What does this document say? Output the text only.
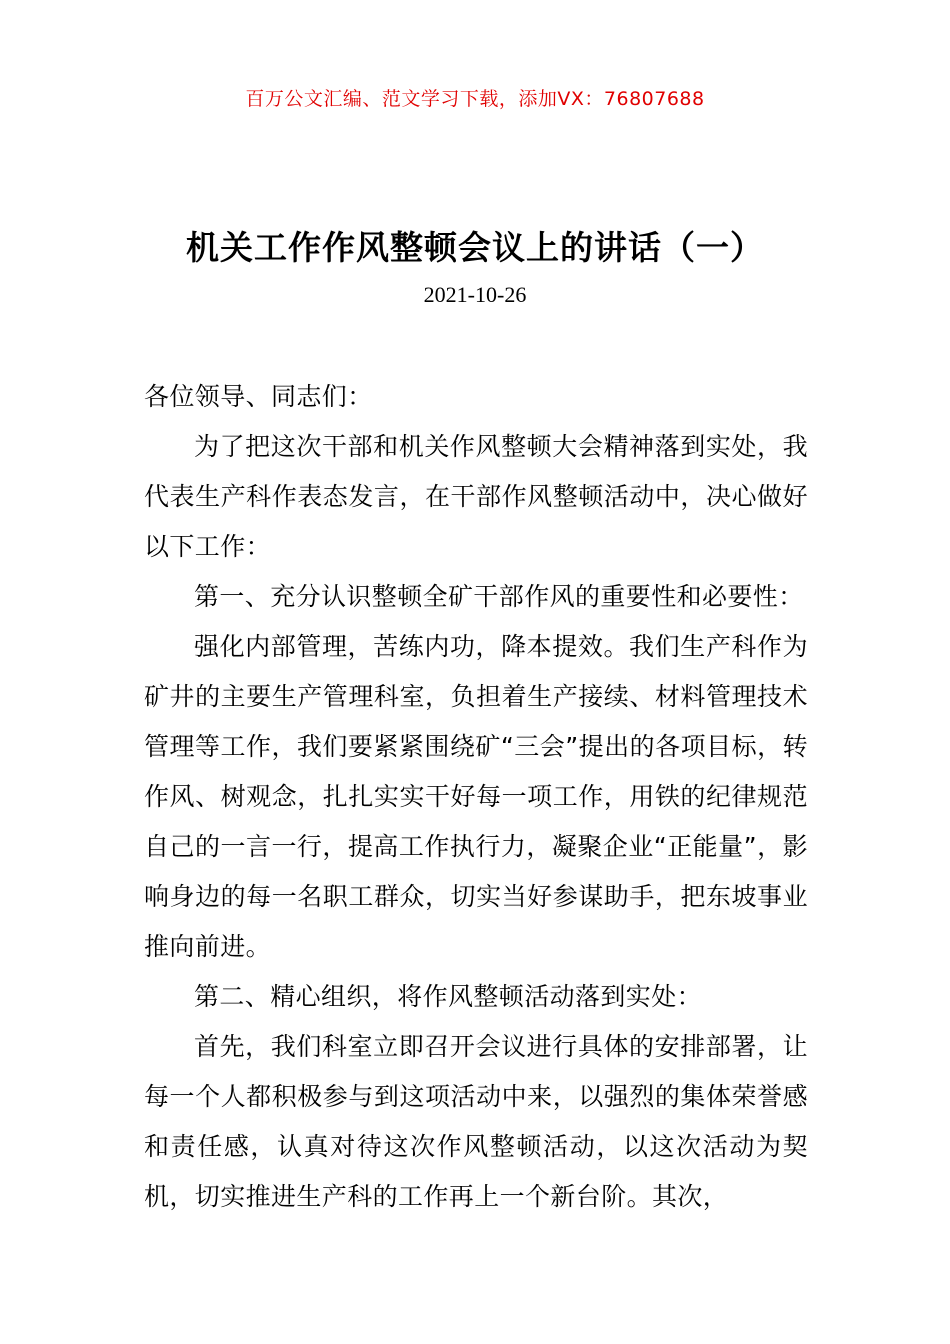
百万公文汇编、范文学习下载，添加VX：76807688
机关工作作风整顿会议上的讲话（一）
2021-10-26

各位领导、同志们：

为了把这次干部和机关作风整顿大会精神落到实处，我代表生产科作表态发言，在干部作风整顿活动中，决心做好以下工作：

第一、充分认识整顿全矿干部作风的重要性和必要性：

强化内部管理，苦练内功，降本提效。我们生产科作为矿井的主要生产管理科室，负担着生产接续、材料管理技术管理等工作，我们要紧紧围绕矿“三会”提出的各项目标，转作风、树观念，扎扎实实干好每一项工作，用铁的纪律规范自己的一言一行，提高工作执行力，凝聚企业“正能量”，影响身边的每一名职工群众，切实当好参谋助手，把东坡事业推向前进。

第二、精心组织，将作风整顿活动落到实处：

首先，我们科室立即召开会议进行具体的安排部署，让每一个人都积极参与到这项活动中来，以强烈的集体荣誉感和责任感，认真对待这次作风整顿活动，以这次活动为契机，切实推进生产科的工作再上一个新台阶。其次，
